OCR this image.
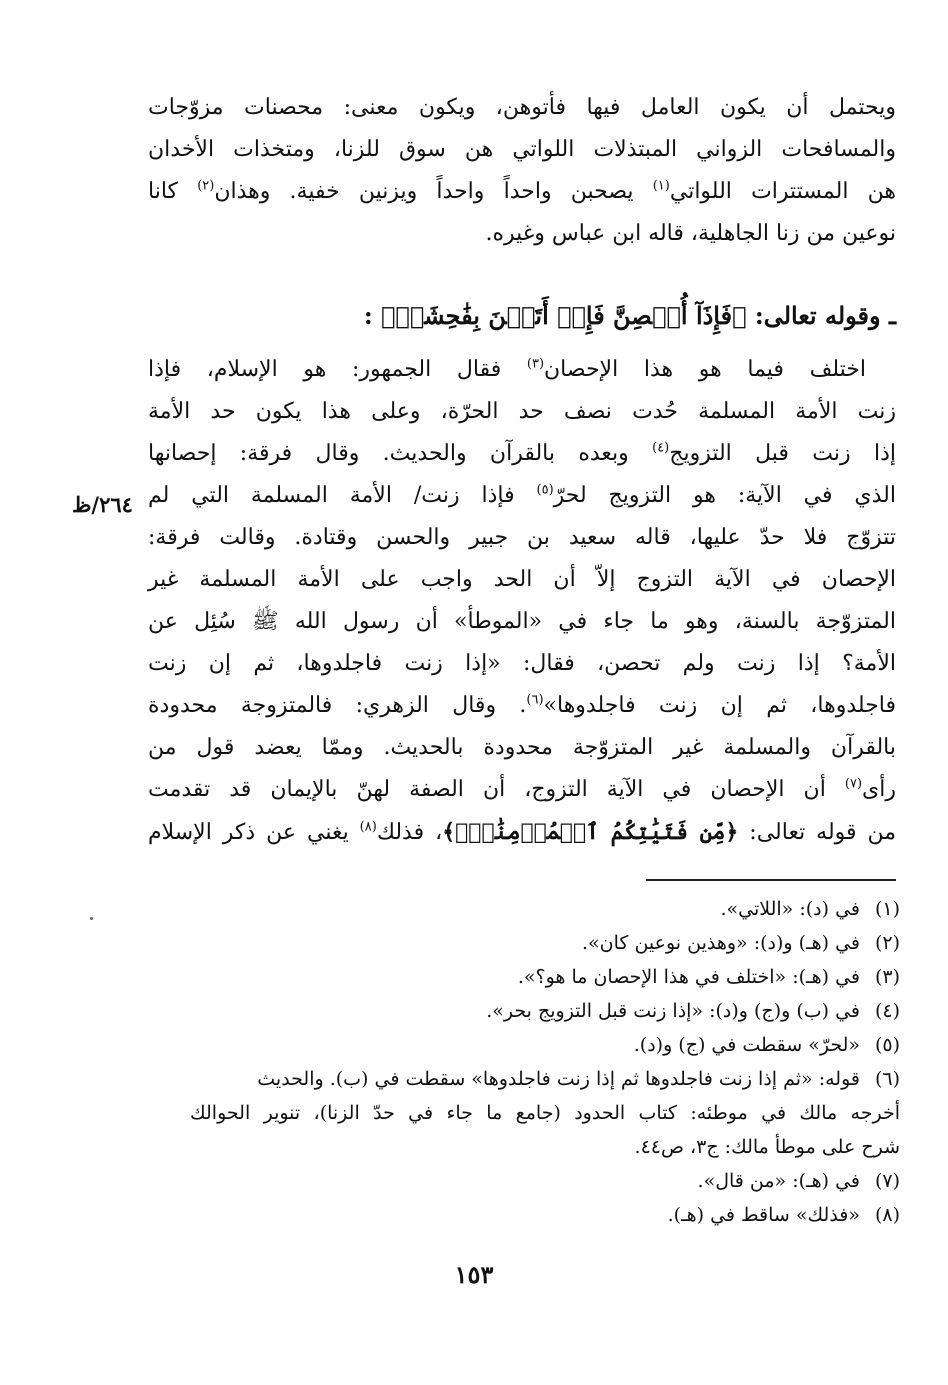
ويحتمل أن يكون العامل فيها فأتوهن، ويكون معنى: محصنات مزوّجات
والمسافحات الزواني المبتذلات اللواتي هن سوق للزنا، ومتخذات الأخدان
هن المستترات اللواتي$^{(١)}$ يصحبن واحداً واحداً ويزنين خفية. وهذان$^{(٢)}$ كانا
نوعين من زنا الجاهلية، قاله ابن عباس وغيره.
ـ وقوله تعالى: ﴿فَإِذَآ أُحۡصِنَّ فَإِنۡ أَتَيۡنَ بِفَٰحِشَةٖ﴾ :
اختلف فيما هو هذا الإحصان$^{(٣)}$ فقال الجمهور: هو الإسلام، فإذا
زنت الأمة المسلمة حُدت نصف حد الحرّة، وعلى هذا يكون حد الأمة
إذا زنت قبل التزويج$^{(٤)}$ وبعده بالقرآن والحديث. وقال فرقة: إحصانها
الذي في الآية: هو التزويج لحرّ$^{(٥)}$ فإذا زنت/ الأمة المسلمة التي لم
تتزوّج فلا حدّ عليها، قاله سعيد بن جبير والحسن وقتادة. وقالت فرقة:
الإحصان في الآية التزوج إلاّ أن الحد واجب على الأمة المسلمة غير
المتزوّجة بالسنة، وهو ما جاء في «الموطأ» أن رسول الله ﷺ سُئِل عن
الأمة؟ إذا زنت ولم تحصن، فقال: «إذا زنت فاجلدوها، ثم إن زنت
فاجلدوها، ثم إن زنت فاجلدوها»$^{(٦)}$. وقال الزهري: فالمتزوجة محدودة
بالقرآن والمسلمة غير المتزوّجة محدودة بالحديث. وممّا يعضد قول من
رأى$^{(٧)}$ أن الإحصان في الآية التزوج، أن الصفة لهنّ بالإيمان قد تقدمت
من قوله تعالى: ﴿مِّن فَتَيَٰتِكُمُ ٱلۡمُؤۡمِنَٰتِۚ﴾، فذلك$^{(٨)}$ يغني عن ذكر الإسلام
٢٦٤/ظ
(١)في (د): «اللاتي».
(٢)في (هـ) و(د): «وهذين نوعين كان».
(٣)في (هـ): «اختلف في هذا الإحصان ما هو؟».
(٤)في (ب) و(ج) و(د): «إذا زنت قبل التزويج بحر».
(٥)«لحرّ» سقطت في (ج) و(د).
(٦)قوله: «ثم إذا زنت فاجلدوها ثم إذا زنت فاجلدوها» سقطت في (ب). والحديث
أخرجه مالك في موطئه: كتاب الحدود (جامع ما جاء في حدّ الزنا)، تنوير الحوالك
شرح على موطأ مالك: ج٣، ص٤٤.
(٧)في (هـ): «من قال».
(٨)«فذلك» ساقط في (هـ).
١٥٣
